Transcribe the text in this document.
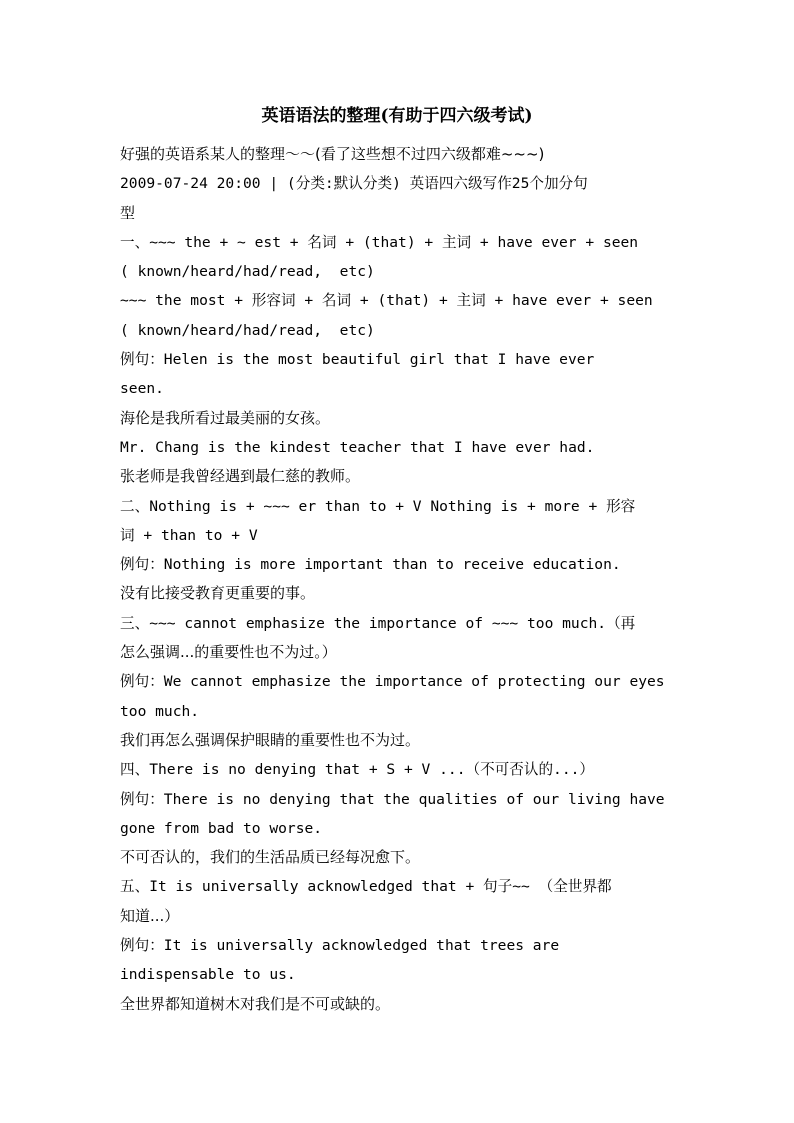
英语语法的整理(有助于四六级考试)
好强的英语系某人的整理～～(看了这些想不过四六级都难~~~)
2009-07-24 20:00 | (分类:默认分类) 英语四六级写作25个加分句
型
一、~~~ the + ~ est + 名词 + (that) + 主词 + have ever + seen
( known/heard/had/read,  etc)
~~~ the most + 形容词 + 名词 + (that) + 主词 + have ever + seen
( known/heard/had/read,  etc)
例句：Helen is the most beautiful girl that I have ever
seen.
海伦是我所看过最美丽的女孩。
Mr. Chang is the kindest teacher that I have ever had.
张老师是我曾经遇到最仁慈的教师。
二、Nothing is + ~~~ er than to + V Nothing is + more + 形容
词 + than to + V
例句：Nothing is more important than to receive education.
没有比接受教育更重要的事。
三、~~~ cannot emphasize the importance of ~~~ too much.（再
怎么强调...的重要性也不为过。）
例句：We cannot emphasize the importance of protecting our eyes
too much.
我们再怎么强调保护眼睛的重要性也不为过。
四、There is no denying that + S + V ...（不可否认的...）
例句：There is no denying that the qualities of our living have
gone from bad to worse.
不可否认的，我们的生活品质已经每况愈下。
五、It is universally acknowledged that + 句子~~ （全世界都
知道...）
例句：It is universally acknowledged that trees are
indispensable to us.
全世界都知道树木对我们是不可或缺的。
